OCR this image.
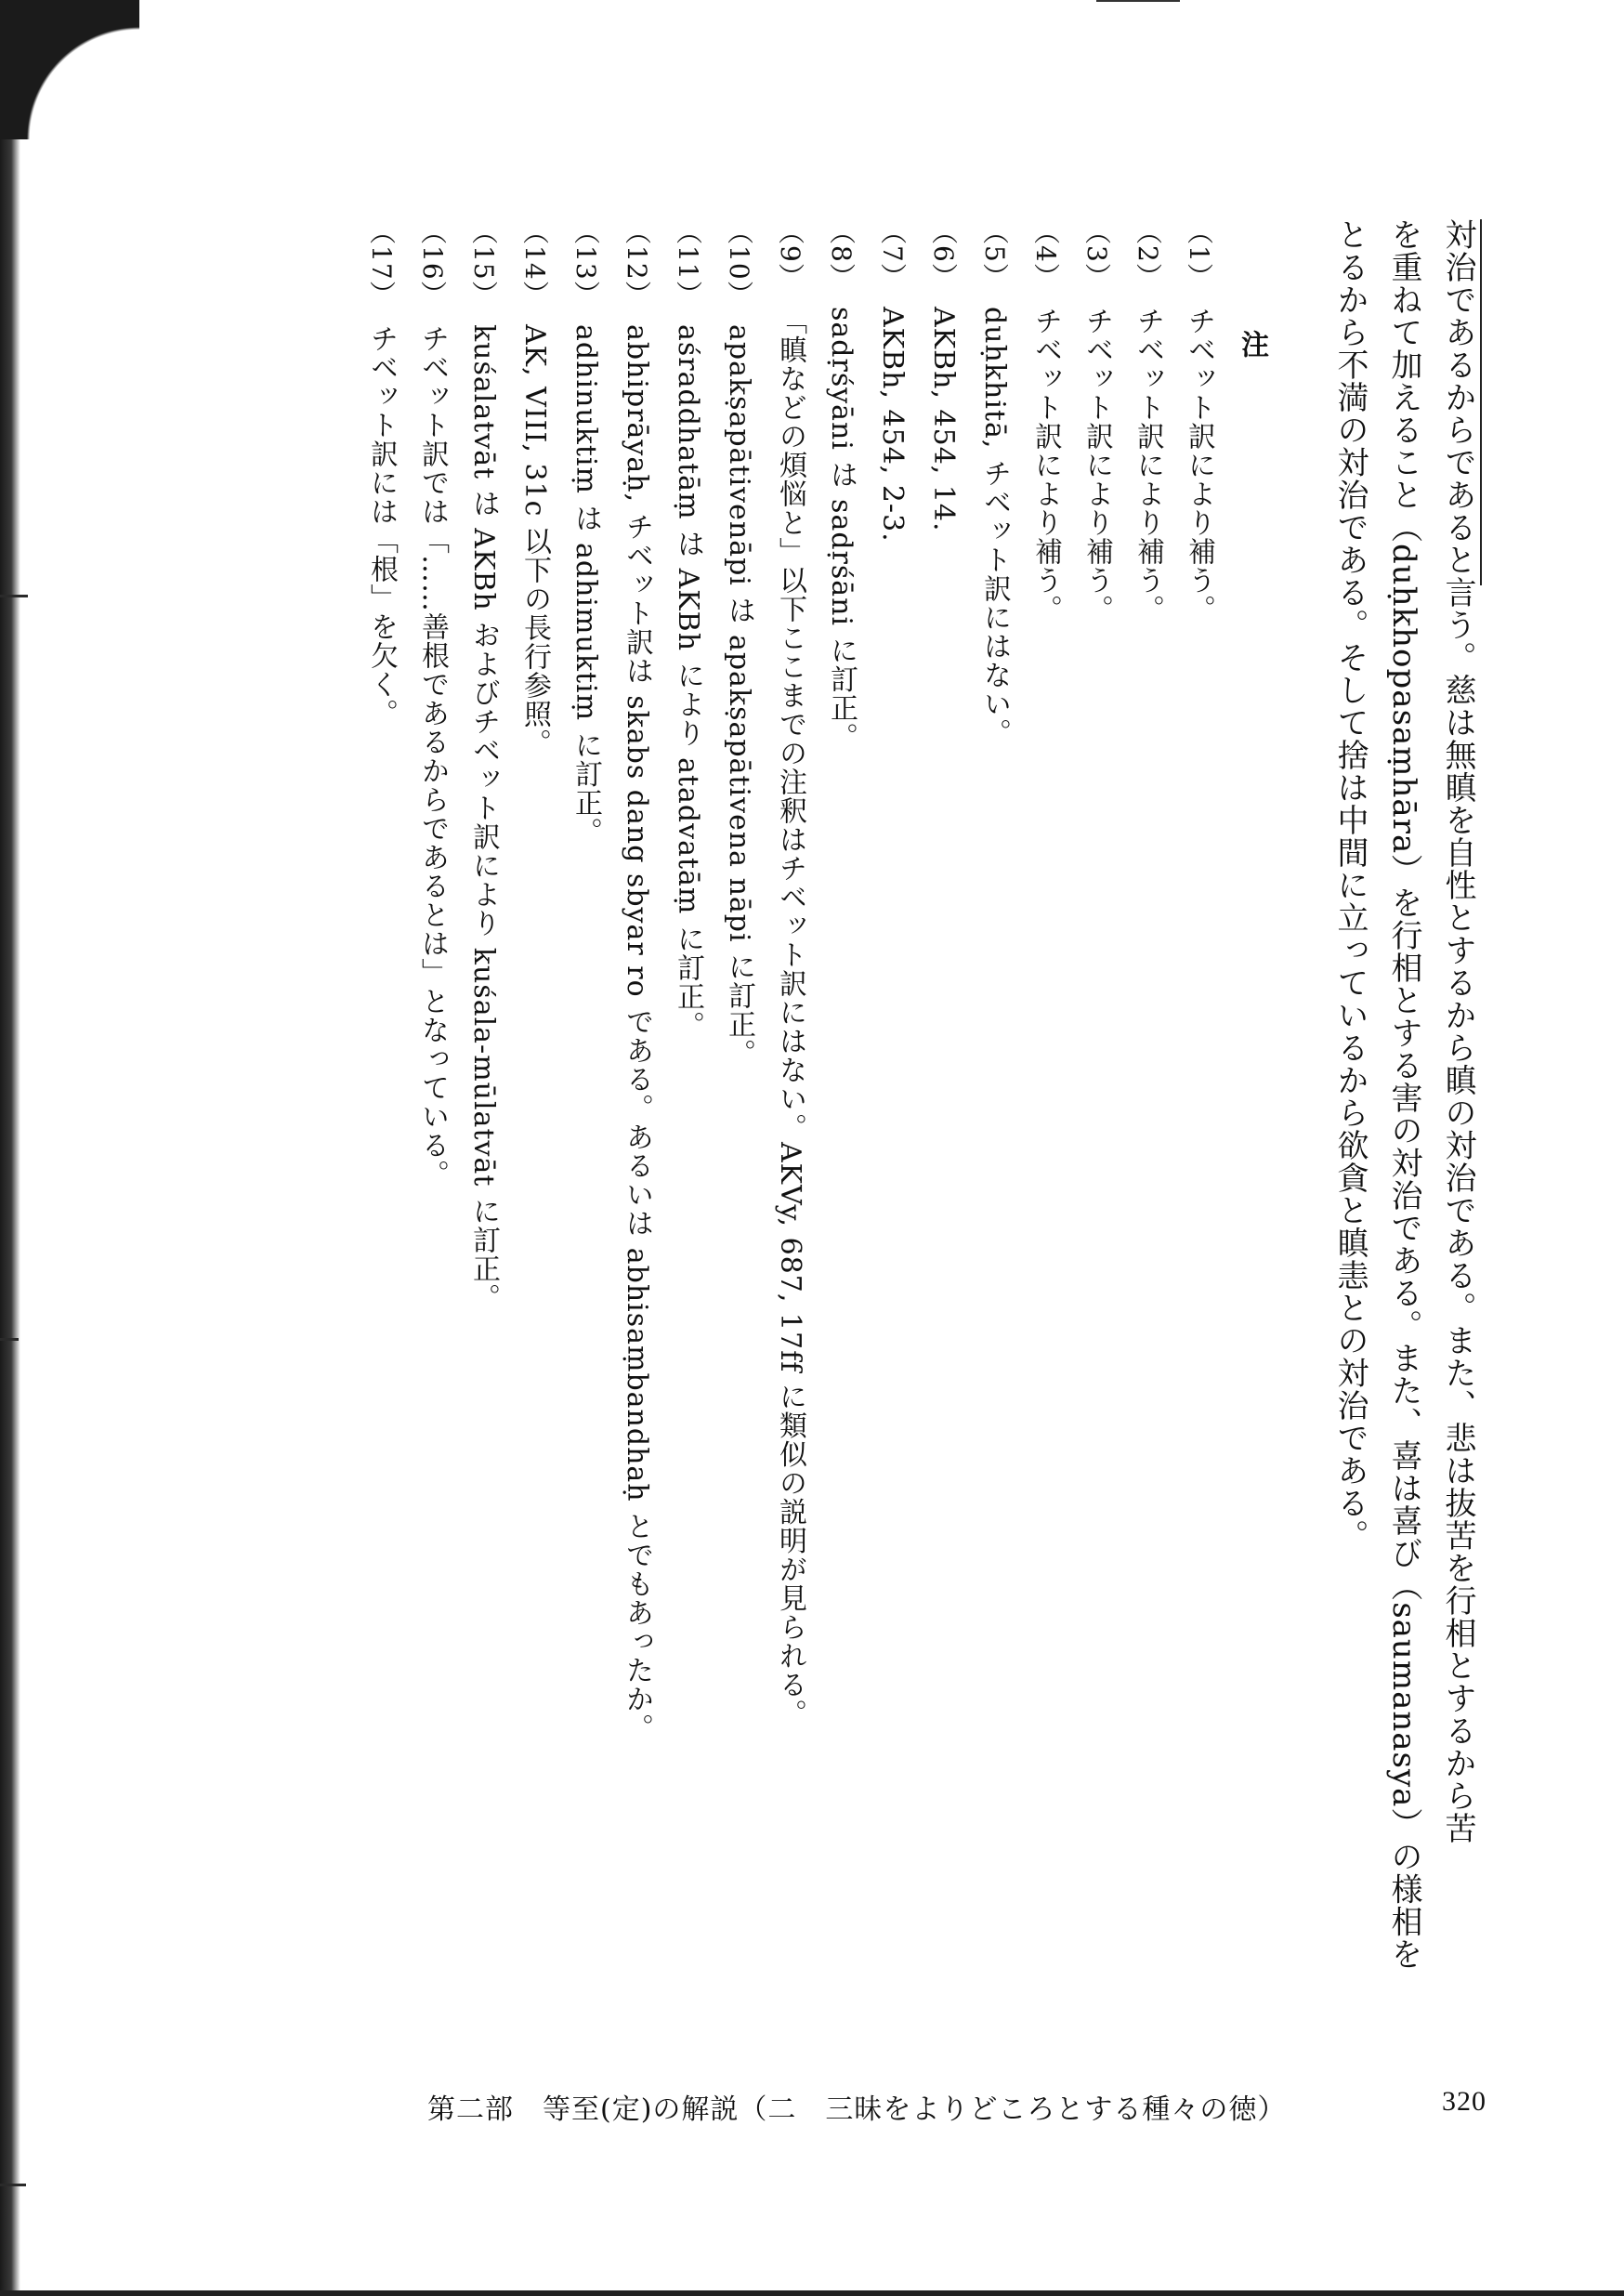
対治であるからであると言う。慈は無瞋を自性とするから瞋の対治である。また、悲は抜苦を行相とするから苦
を重ねて加えること（duḥkhopasaṃhāra）を行相とする害の対治である。また、喜は喜び（saumanasya）の様相を
とるから不満の対治である。そして捨は中間に立っているから欲貪と瞋恚との対治である。
注
（1）チベット訳により補う。
（2）チベット訳により補う。
（3）チベット訳により補う。
（4）チベット訳により補う。
（5）duḥkhitā, チベット訳にはない。
（6）AKBh, 454, 14.
（7）AKBh, 454, 2-3.
（8）sadṛśyāni は sadṛśāni に訂正。
（9）「瞋などの煩悩と」以下ここまでの注釈はチベット訳にはない。AKVy, 687, 17ff に類似の説明が見られる。
（10）apakṣapātivenāpi は apakṣapātivena nāpi に訂正。
（11）aśraddhatāṃ は AKBh により atadvatāṃ に訂正。
（12）abhiprāyaḥ, チベット訳は skabs dang sbyar ro である。あるいは abhisaṃbandhaḥ とでもあったか。
（13）adhinuktiṃ は adhimuktiṃ に訂正。
（14）AK, VIII, 31c 以下の長行参照。
（15）kuśalatvāt は AKBh およびチベット訳により kuśala-mūlatvāt に訂正。
（16）チベット訳では「……善根であるからであるとは」となっている。
（17）チベット訳には「根」を欠く。
第二部　等至(定)の解説（二　三昧をよりどころとする種々の徳）	320
